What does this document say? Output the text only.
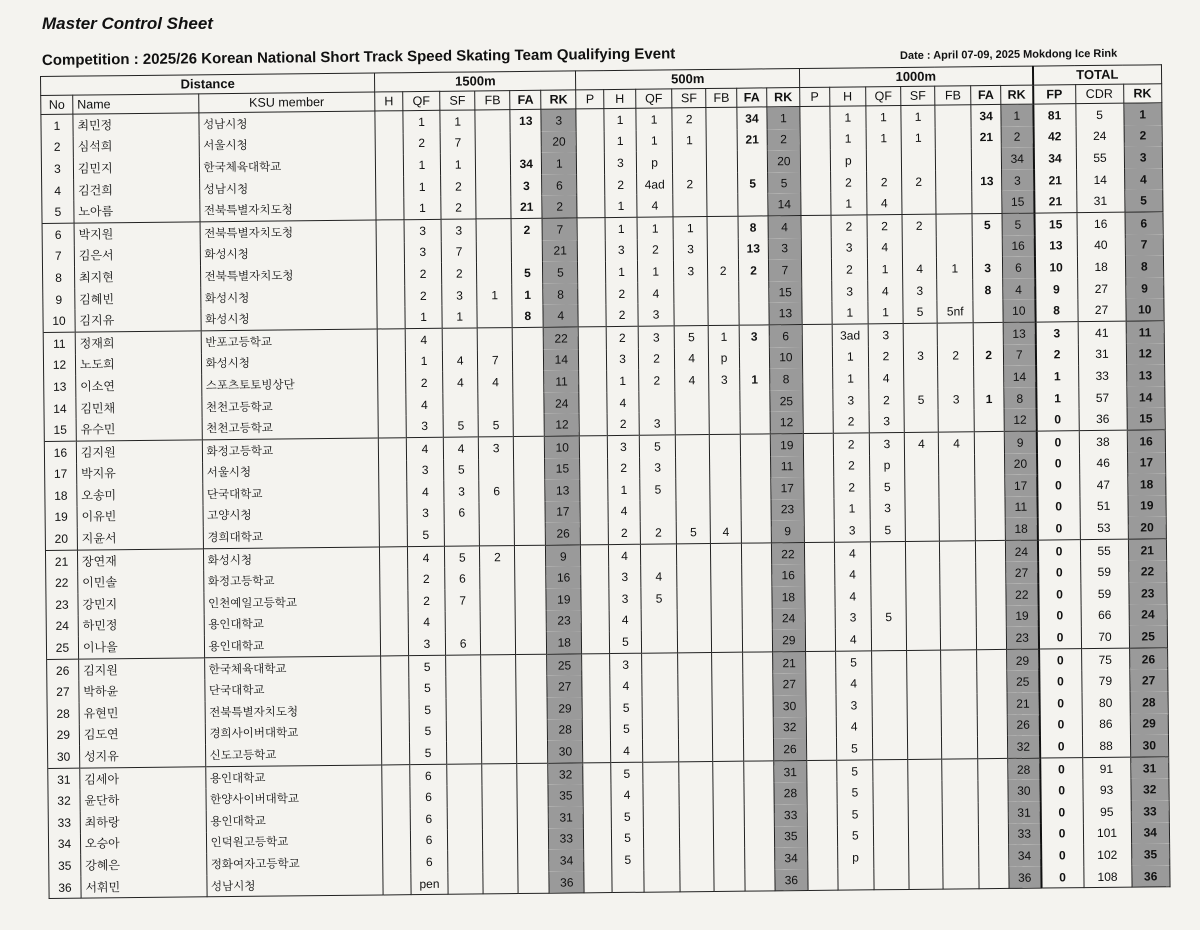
Master Control Sheet
Competition : 2025/26 Korean National Short Track Speed Skating Team Qualifying Event	Date : April 07-09, 2025 Mokdong Ice Rink
Distance			1500m						500m							1000m							TOTAL		
No	Name	KSU member	H	QF	SF	FB	FA	RK	P	H	QF	SF	FB	FA	RK	P	H	QF	SF	FB	FA	RK	FP	CDR	RK
1	최민정	성남시청		1	1		13	3		1	1	2		34	1		1	1	1		34	1	81	5	1
2	심석희	서울시청		2	7			20		1	1	1		21	2		1	1	1		21	2	42	24	2
3	김민지	한국체육대학교		1	1		34	1		3	p				20		p					34	34	55	3
4	김건희	성남시청		1	2		3	6		2	4ad	2		5	5		2	2	2		13	3	21	14	4
5	노아름	전북특별자치도청		1	2		21	2		1	4				14		1	4				15	21	31	5
6	박지원	전북특별자치도청		3	3		2	7		1	1	1		8	4		2	2	2		5	5	15	16	6
7	김은서	화성시청		3	7			21		3	2	3		13	3		3	4				16	13	40	7
8	최지현	전북특별자치도청		2	2		5	5		1	1	3	2	2	7		2	1	4	1	3	6	10	18	8
9	김혜빈	화성시청		2	3	1	1	8		2	4				15		3	4	3		8	4	9	27	9
10	김지유	화성시청		1	1		8	4		2	3				13		1	1	5	5nf		10	8	27	10
11	정재희	반포고등학교		4				22		2	3	5	1	3	6		3ad	3				13	3	41	11
12	노도희	화성시청		1	4	7		14		3	2	4	p		10		1	2	3	2	2	7	2	31	12
13	이소연	스포츠토토빙상단		2	4	4		11		1	2	4	3	1	8		1	4				14	1	33	13
14	김민채	천천고등학교		4				24		4					25		3	2	5	3	1	8	1	57	14
15	유수민	천천고등학교		3	5	5		12		2	3				12		2	3				12	0	36	15
16	김지원	화정고등학교		4	4	3		10		3	5				19		2	3	4	4		9	0	38	16
17	박지유	서울시청		3	5			15		2	3				11		2	p				20	0	46	17
18	오송미	단국대학교		4	3	6		13		1	5				17		2	5				17	0	47	18
19	이유빈	고양시청		3	6			17		4					23		1	3				11	0	51	19
20	지윤서	경희대학교		5				26		2	2	5	4		9		3	5				18	0	53	20
21	장연재	화성시청		4	5	2		9		4					22		4					24	0	55	21
22	이민솔	화정고등학교		2	6			16		3	4				16		4					27	0	59	22
23	강민지	인천예일고등학교		2	7			19		3	5				18		4					22	0	59	23
24	하민정	용인대학교		4				23		4					24		3	5				19	0	66	24
25	이나을	용인대학교		3	6			18		5					29		4					23	0	70	25
26	김지원	한국체육대학교		5				25		3					21		5					29	0	75	26
27	박하윤	단국대학교		5				27		4					27		4					25	0	79	27
28	유현민	전북특별자치도청		5				29		5					30		3					21	0	80	28
29	김도연	경희사이버대학교		5				28		5					32		4					26	0	86	29
30	성지유	신도고등학교		5				30		4					26		5					32	0	88	30
31	김세아	용인대학교		6				32		5					31		5					28	0	91	31
32	윤단하	한양사이버대학교		6				35		4					28		5					30	0	93	32
33	최하랑	용인대학교		6				31		5					33		5					31	0	95	33
34	오승아	인덕원고등학교		6				33		5					35		5					33	0	101	34
35	강혜은	정화여자고등학교		6				34		5					34		p					34	0	102	35
36	서휘민	성남시청		pen				36							36							36	0	108	36
